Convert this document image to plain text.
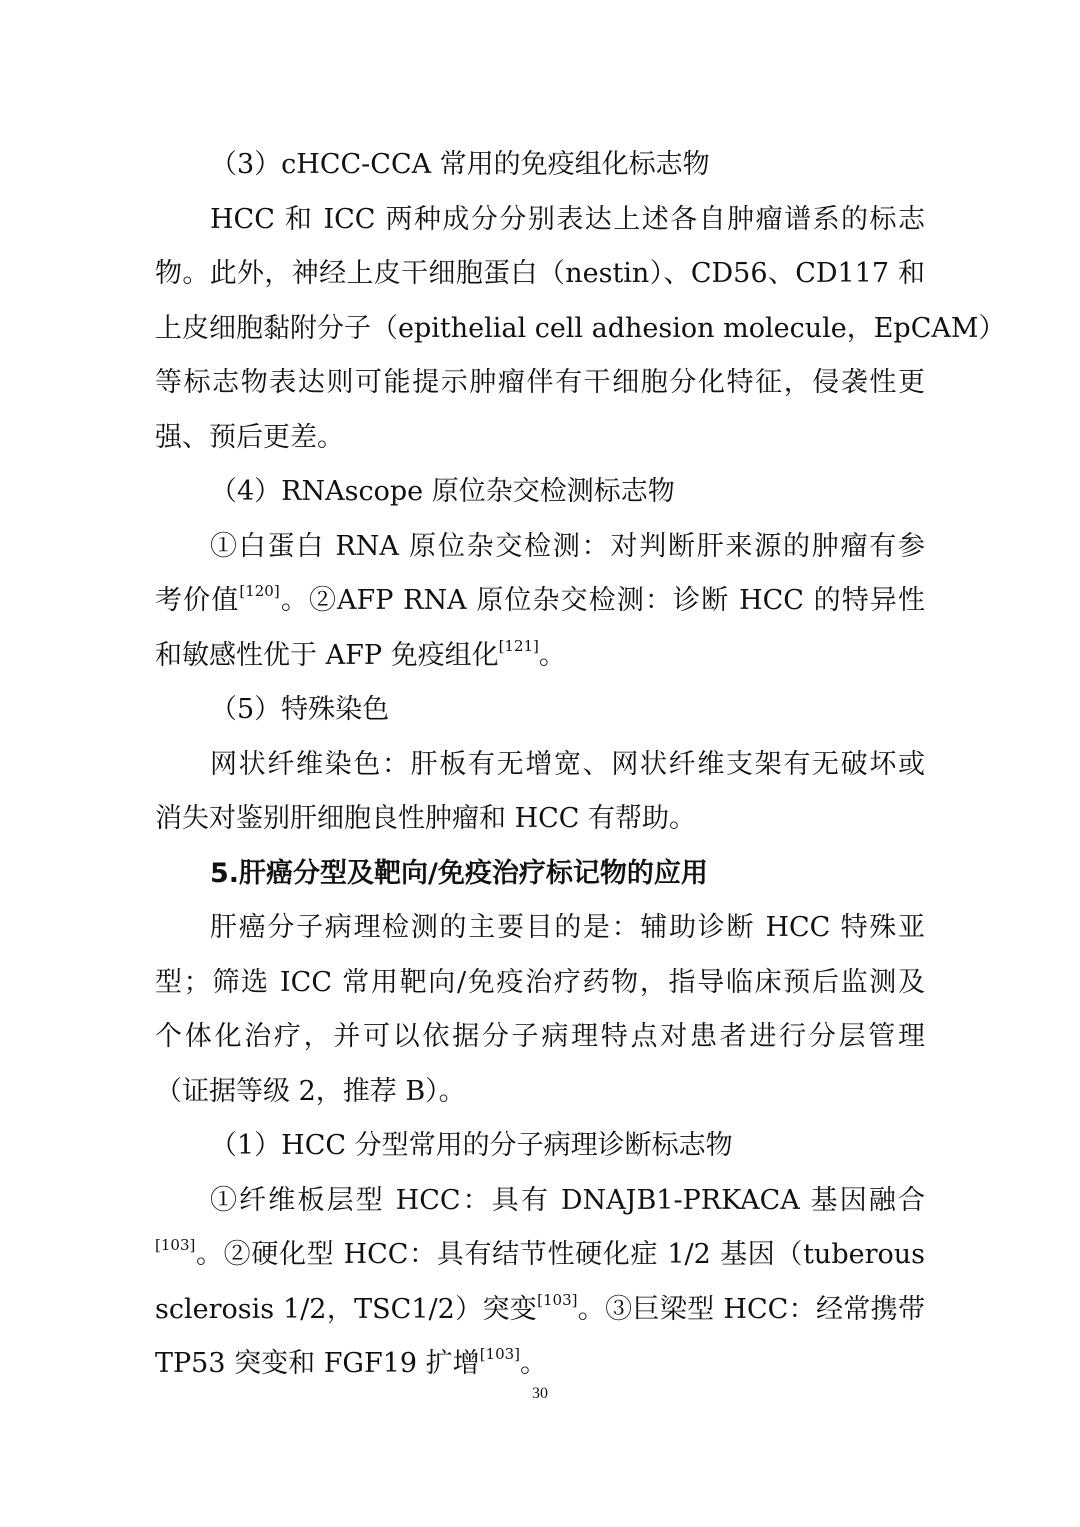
（3）cHCC-CCA 常用的免疫组化标志物
HCC 和 ICC 两种成分分别表达上述各自肿瘤谱系的标志
物。此外，神经上皮干细胞蛋白（nestin）、CD56、CD117 和
上皮细胞黏附分子（epithelial cell adhesion molecule，EpCAM）
等标志物表达则可能提示肿瘤伴有干细胞分化特征，侵袭性更
强、预后更差。
（4）RNAscope 原位杂交检测标志物
①白蛋白 RNA 原位杂交检测：对判断肝来源的肿瘤有参
考价值[120]。②AFP RNA 原位杂交检测：诊断 HCC 的特异性
和敏感性优于 AFP 免疫组化[121]。
（5）特殊染色
网状纤维染色：肝板有无增宽、网状纤维支架有无破坏或
消失对鉴别肝细胞良性肿瘤和 HCC 有帮助。
5.肝癌分型及靶向/免疫治疗标记物的应用
肝癌分子病理检测的主要目的是：辅助诊断 HCC 特殊亚
型；筛选 ICC 常用靶向/免疫治疗药物，指导临床预后监测及
个体化治疗，并可以依据分子病理特点对患者进行分层管理
（证据等级 2，推荐 B）。
（1）HCC 分型常用的分子病理诊断标志物
①纤维板层型 HCC：具有 DNAJB1-PRKACA 基因融合
[103]。②硬化型 HCC：具有结节性硬化症 1/2 基因（tuberous
sclerosis 1/2，TSC1/2）突变[103]。③巨梁型 HCC：经常携带
TP53 突变和 FGF19 扩增[103]。
30
